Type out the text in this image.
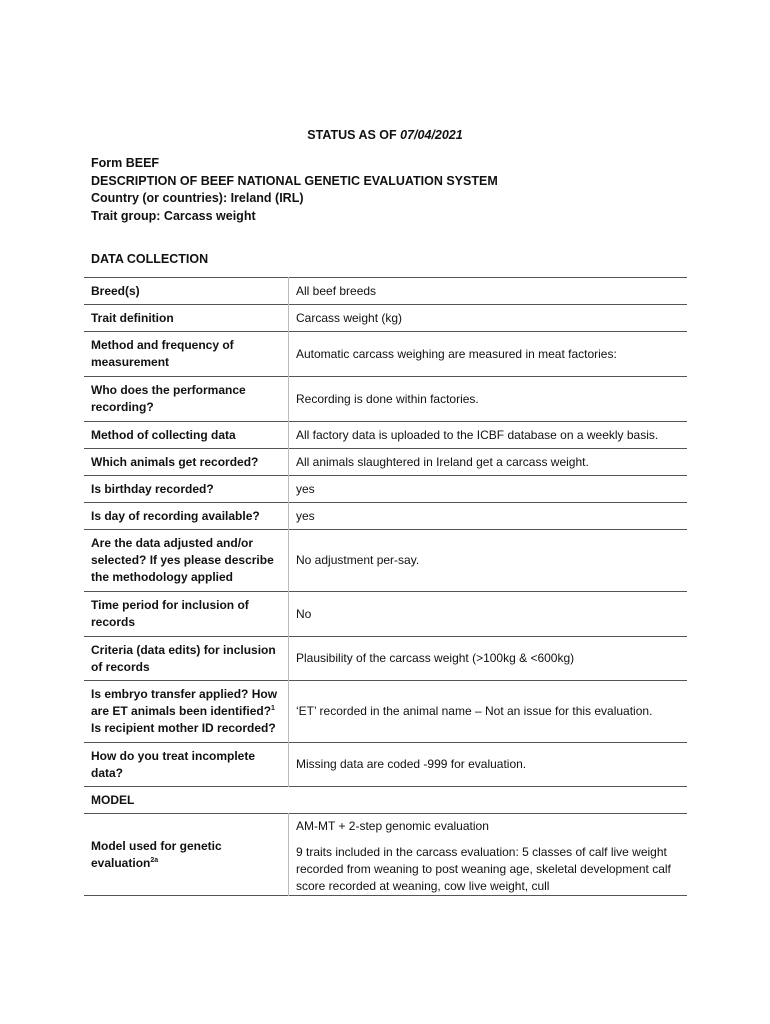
STATUS AS OF 07/04/2021
Form BEEF
DESCRIPTION OF BEEF NATIONAL GENETIC EVALUATION SYSTEM
Country (or countries): Ireland (IRL)
Trait group: Carcass weight
DATA COLLECTION
Breed(s)	All beef breeds
Trait definition	Carcass weight (kg)
Method and frequency of measurement	Automatic carcass weighing are measured in meat factories:
Who does the performance recording?	Recording is done within factories.
Method of collecting data	All factory data is uploaded to the ICBF database on a weekly basis.
Which animals get recorded?	All animals slaughtered in Ireland get a carcass weight.
Is birthday recorded?	yes
Is day of recording available?	yes
Are the data adjusted and/or selected? If yes please describe the methodology applied	No adjustment per-say.
Time period for inclusion of records	No
Criteria (data edits) for inclusion of records	Plausibility of the carcass weight (>100kg & <600kg)
Is embryo transfer applied? How are ET animals been identified?$^1$ Is recipient mother ID recorded?	‘ET’ recorded in the animal name – Not an issue for this evaluation.
How do you treat incomplete data?	Missing data are coded -999 for evaluation.
MODEL	
Model used for genetic evaluation$^{2a}$	AM-MT + 2-step genomic evaluation

9 traits included in the carcass evaluation: 5 classes of calf live weight recorded from weaning to post weaning age, skeletal development calf score recorded at weaning, cow live weight, cull
